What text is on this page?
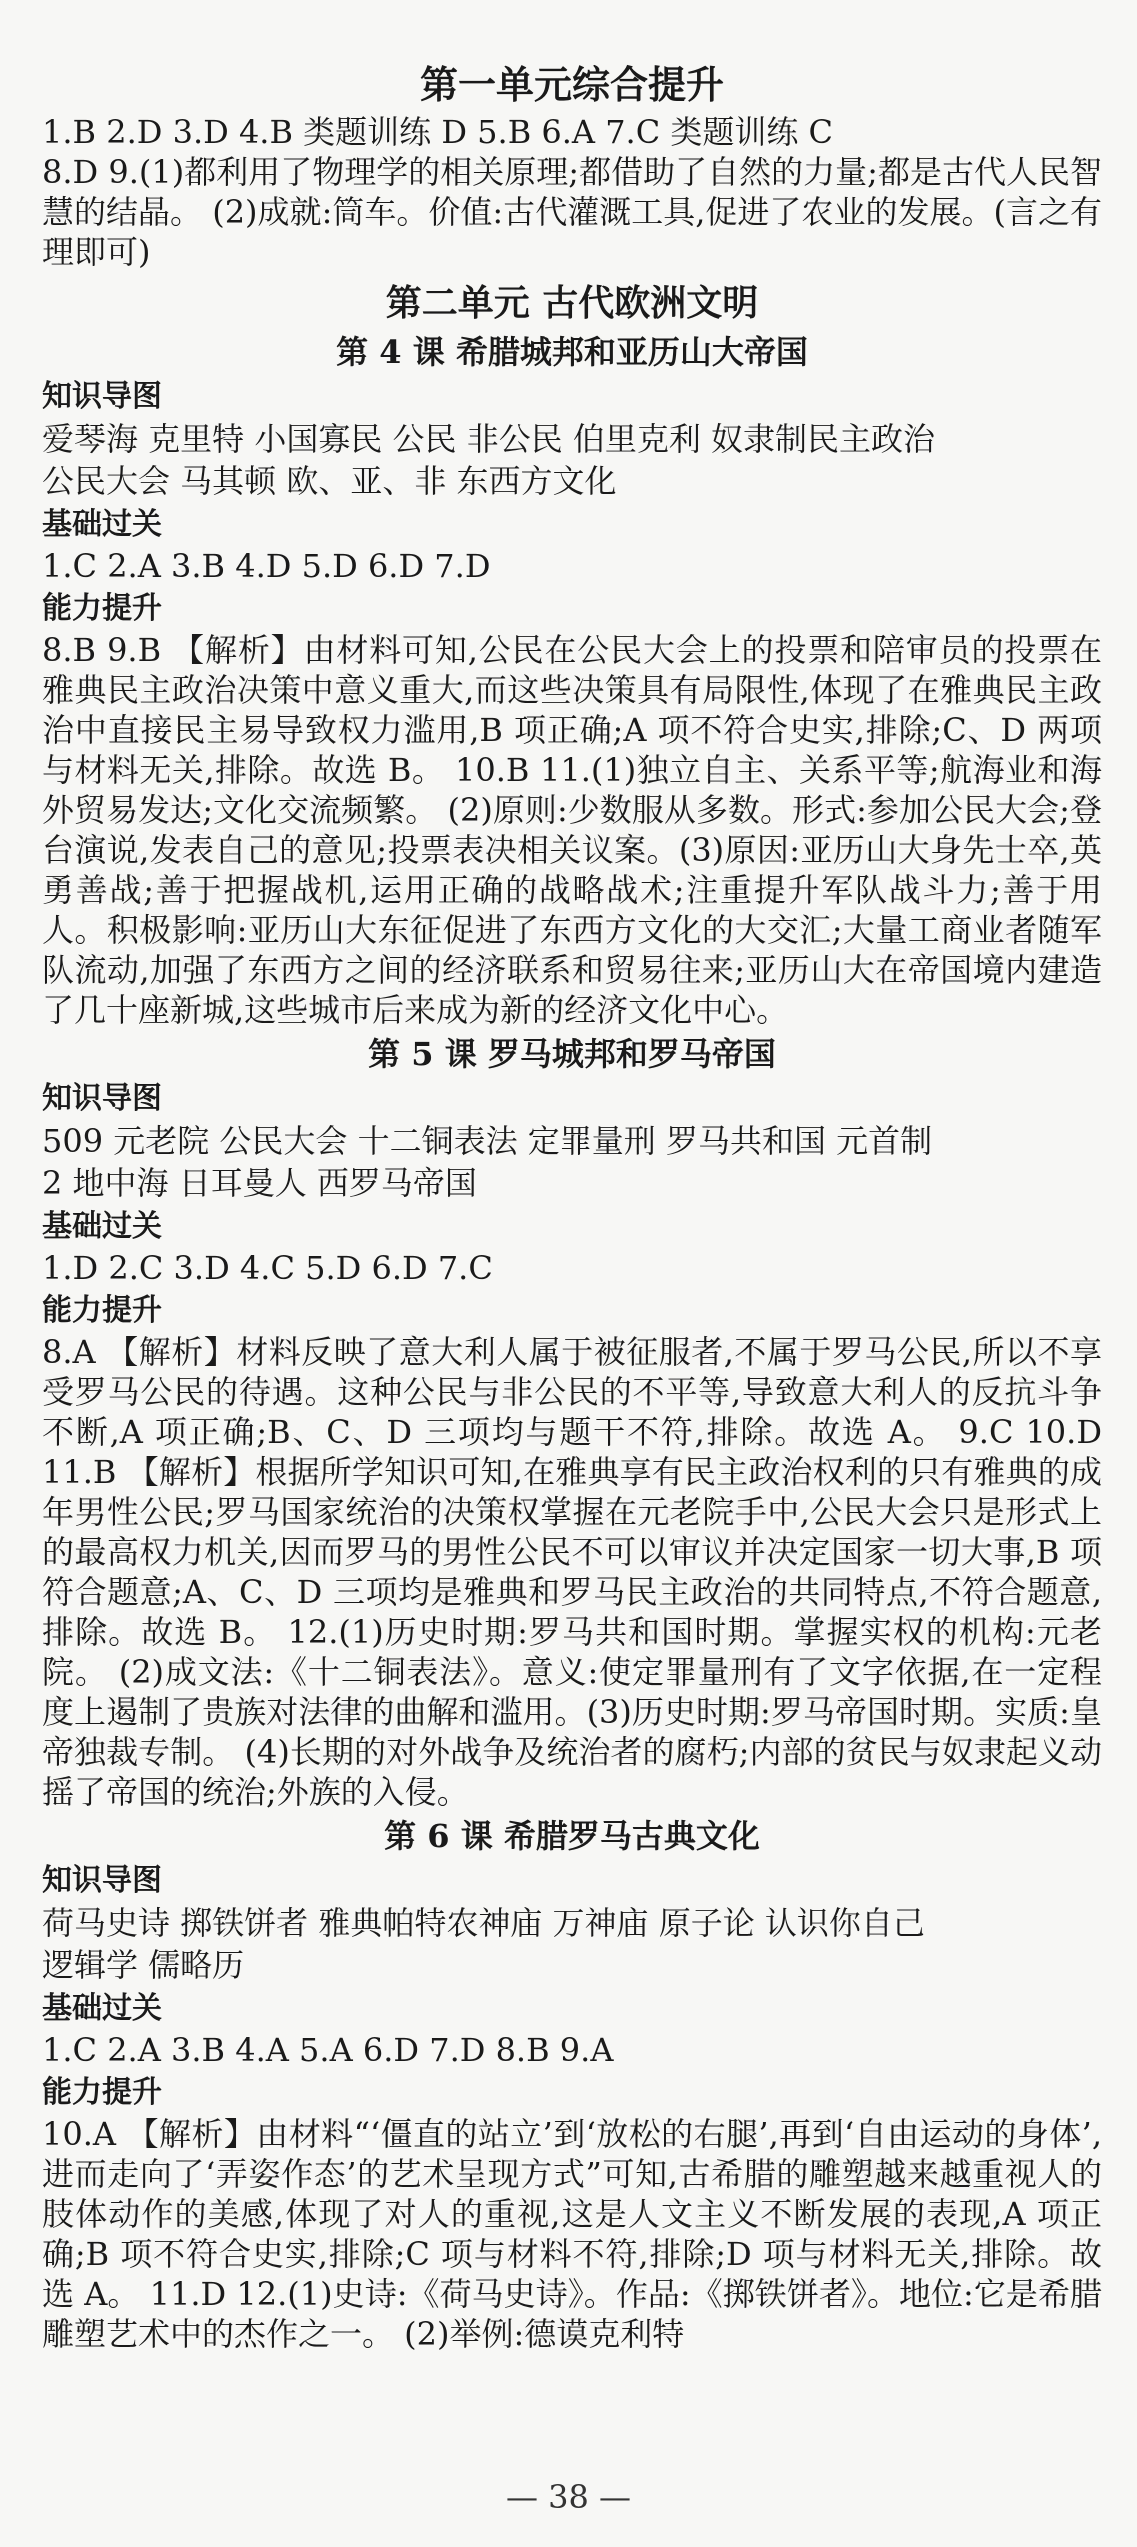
第一单元综合提升

1.B 2.D 3.D 4.B 类题训练 D 5.B 6.A 7.C 类题训练 C

8.D 9.(1)都利用了物理学的相关原理;都借助了自然的力量;都是古代人民智慧的结晶。 (2)成就:筒车。价值:古代灌溉工具,促进了农业的发展。(言之有理即可)

第二单元 古代欧洲文明
第 4 课 希腊城邦和亚历山大帝国
知识导图

爱琴海 克里特 小国寡民 公民 非公民 伯里克利 奴隶制民主政治

公民大会 马其顿 欧、亚、非 东西方文化

基础过关

1.C 2.A 3.B 4.D 5.D 6.D 7.D

能力提升

8.B 9.B 【解析】由材料可知,公民在公民大会上的投票和陪审员的投票在雅典民主政治决策中意义重大,而这些决策具有局限性,体现了在雅典民主政治中直接民主易导致权力滥用,B 项正确;A 项不符合史实,排除;C、D 两项与材料无关,排除。故选 B。 10.B 11.(1)独立自主、关系平等;航海业和海外贸易发达;文化交流频繁。 (2)原则:少数服从多数。形式:参加公民大会;登台演说,发表自己的意见;投票表决相关议案。(3)原因:亚历山大身先士卒,英勇善战;善于把握战机,运用正确的战略战术;注重提升军队战斗力;善于用人。积极影响:亚历山大东征促进了东西方文化的大交汇;大量工商业者随军队流动,加强了东西方之间的经济联系和贸易往来;亚历山大在帝国境内建造了几十座新城,这些城市后来成为新的经济文化中心。

第 5 课 罗马城邦和罗马帝国
知识导图

509 元老院 公民大会 十二铜表法 定罪量刑 罗马共和国 元首制

2 地中海 日耳曼人 西罗马帝国

基础过关

1.D 2.C 3.D 4.C 5.D 6.D 7.C

能力提升

8.A 【解析】材料反映了意大利人属于被征服者,不属于罗马公民,所以不享受罗马公民的待遇。这种公民与非公民的不平等,导致意大利人的反抗斗争不断,A 项正确;B、C、D 三项均与题干不符,排除。故选 A。 9.C 10.D 11.B 【解析】根据所学知识可知,在雅典享有民主政治权利的只有雅典的成年男性公民;罗马国家统治的决策权掌握在元老院手中,公民大会只是形式上的最高权力机关,因而罗马的男性公民不可以审议并决定国家一切大事,B 项符合题意;A、C、D 三项均是雅典和罗马民主政治的共同特点,不符合题意,排除。故选 B。 12.(1)历史时期:罗马共和国时期。掌握实权的机构:元老院。 (2)成文法:《十二铜表法》。意义:使定罪量刑有了文字依据,在一定程度上遏制了贵族对法律的曲解和滥用。(3)历史时期:罗马帝国时期。实质:皇帝独裁专制。 (4)长期的对外战争及统治者的腐朽;内部的贫民与奴隶起义动摇了帝国的统治;外族的入侵。

第 6 课 希腊罗马古典文化
知识导图

荷马史诗 掷铁饼者 雅典帕特农神庙 万神庙 原子论 认识你自己

逻辑学 儒略历

基础过关

1.C 2.A 3.B 4.A 5.A 6.D 7.D 8.B 9.A

能力提升

10.A 【解析】由材料“‘僵直的站立’到‘放松的右腿’,再到‘自由运动的身体’,进而走向了‘弄姿作态’的艺术呈现方式”可知,古希腊的雕塑越来越重视人的肢体动作的美感,体现了对人的重视,这是人文主义不断发展的表现,A 项正确;B 项不符合史实,排除;C 项与材料不符,排除;D 项与材料无关,排除。故选 A。 11.D 12.(1)史诗:《荷马史诗》。作品:《掷铁饼者》。地位:它是希腊雕塑艺术中的杰作之一。 (2)举例:德谟克利特

— 38 —
